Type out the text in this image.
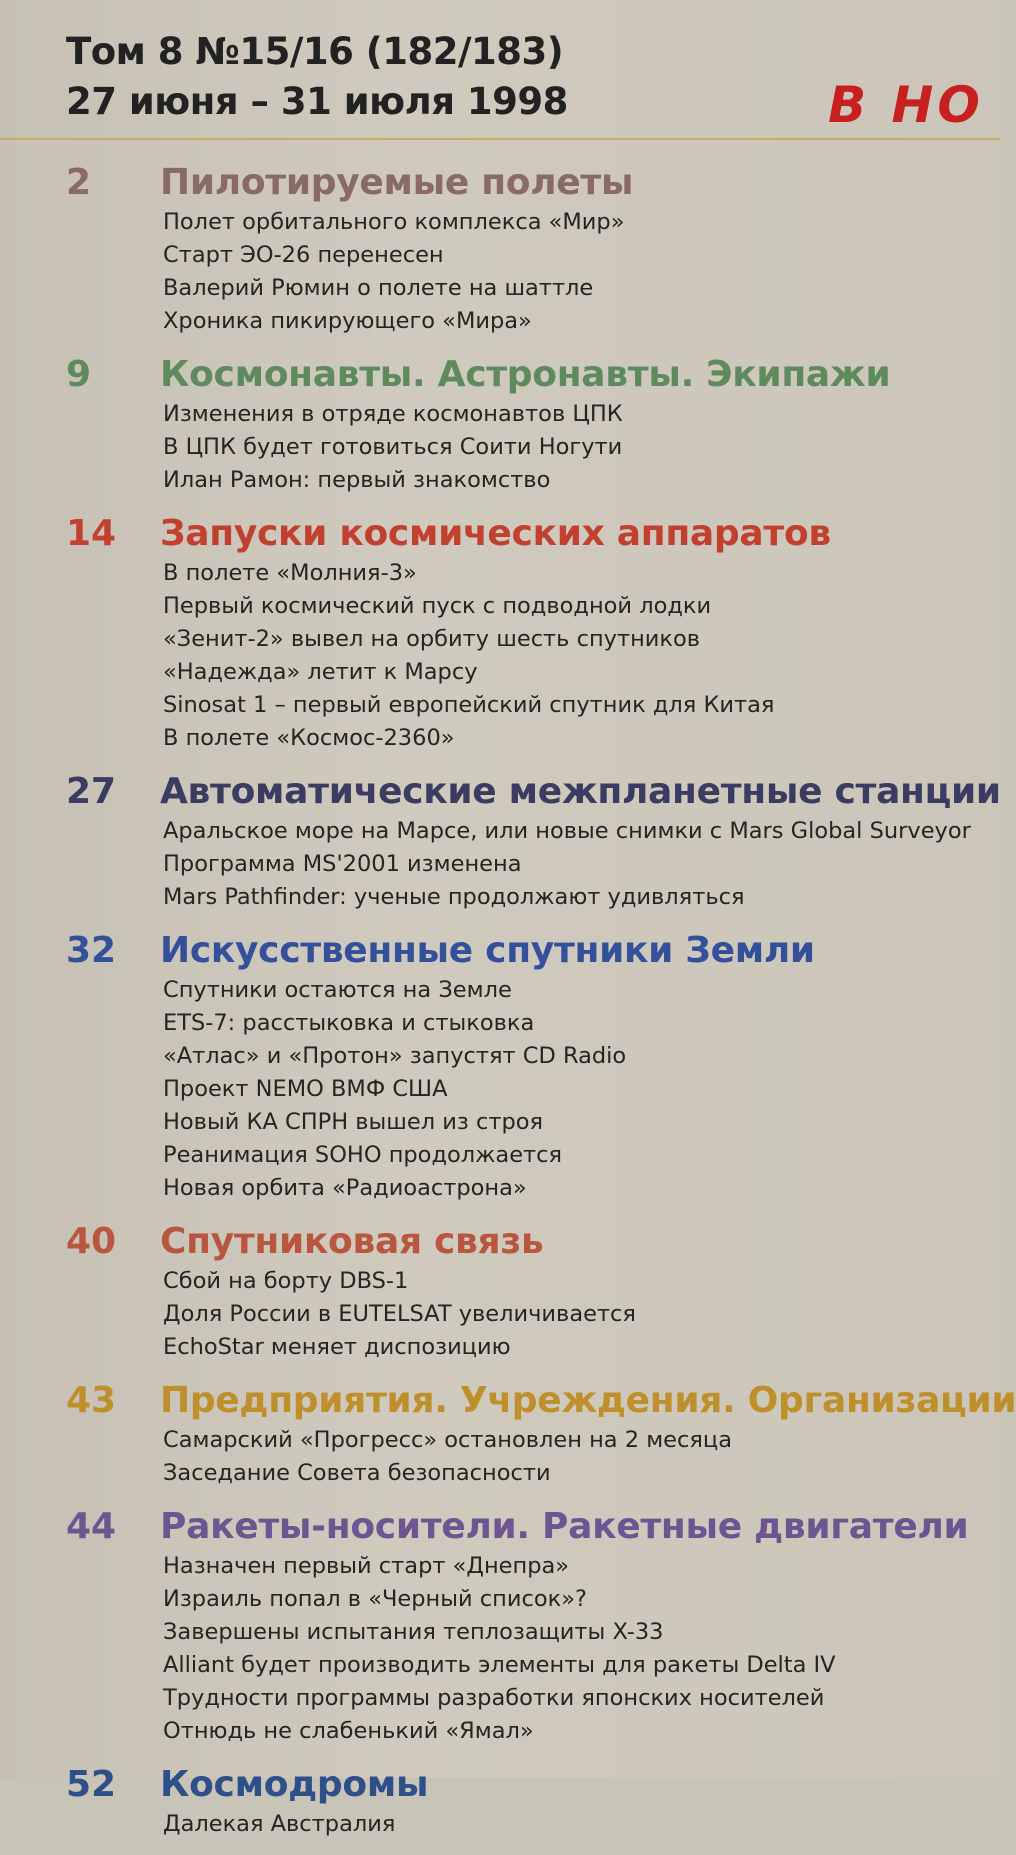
Том 8 №15/16 (182/183)
27 июня – 31 июля 1998	В НО
2 Пилотируемые полеты
Полет орбитального комплекса «Мир»
Старт ЭО-26 перенесен
Валерий Рюмин о полете на шаттле
Хроника пикирующего «Мира»
9 Космонавты. Астронавты. Экипажи
Изменения в отряде космонавтов ЦПК
В ЦПК будет готовиться Соити Ногути
Илан Рамон: первый знакомство
14 Запуски космических аппаратов
В полете «Молния-3»
Первый космический пуск с подводной лодки
«Зенит-2» вывел на орбиту шесть спутников
«Надежда» летит к Марсу
Sinosat 1 – первый европейский спутник для Китая
В полете «Космос-2360»
27 Автоматические межпланетные станции
Аральское море на Марсе, или новые снимки с Mars Global Surveyor
Программа MS'2001 изменена
Mars Pathfinder: ученые продолжают удивляться
32 Искусственные спутники Земли
Спутники остаются на Земле
ETS-7: расстыковка и стыковка
«Атлас» и «Протон» запустят CD Radio
Проект NEMO ВМФ США
Новый КА СПРН вышел из строя
Реанимация SOHO продолжается
Новая орбита «Радиоастрона»
40 Спутниковая связь
Сбой на борту DBS-1
Доля России в EUTELSAT увеличивается
EchoStar меняет диспозицию
43 Предприятия. Учреждения. Организации
Самарский «Прогресс» остановлен на 2 месяца
Заседание Совета безопасности
44 Ракеты-носители. Ракетные двигатели
Назначен первый старт «Днепра»
Израиль попал в «Черный список»?
Завершены испытания теплозащиты X-33
Alliant будет производить элементы для ракеты Delta IV
Трудности программы разработки японских носителей
Отнюдь не слабенький «Ямал»
52 Космодромы
Далекая Австралия
